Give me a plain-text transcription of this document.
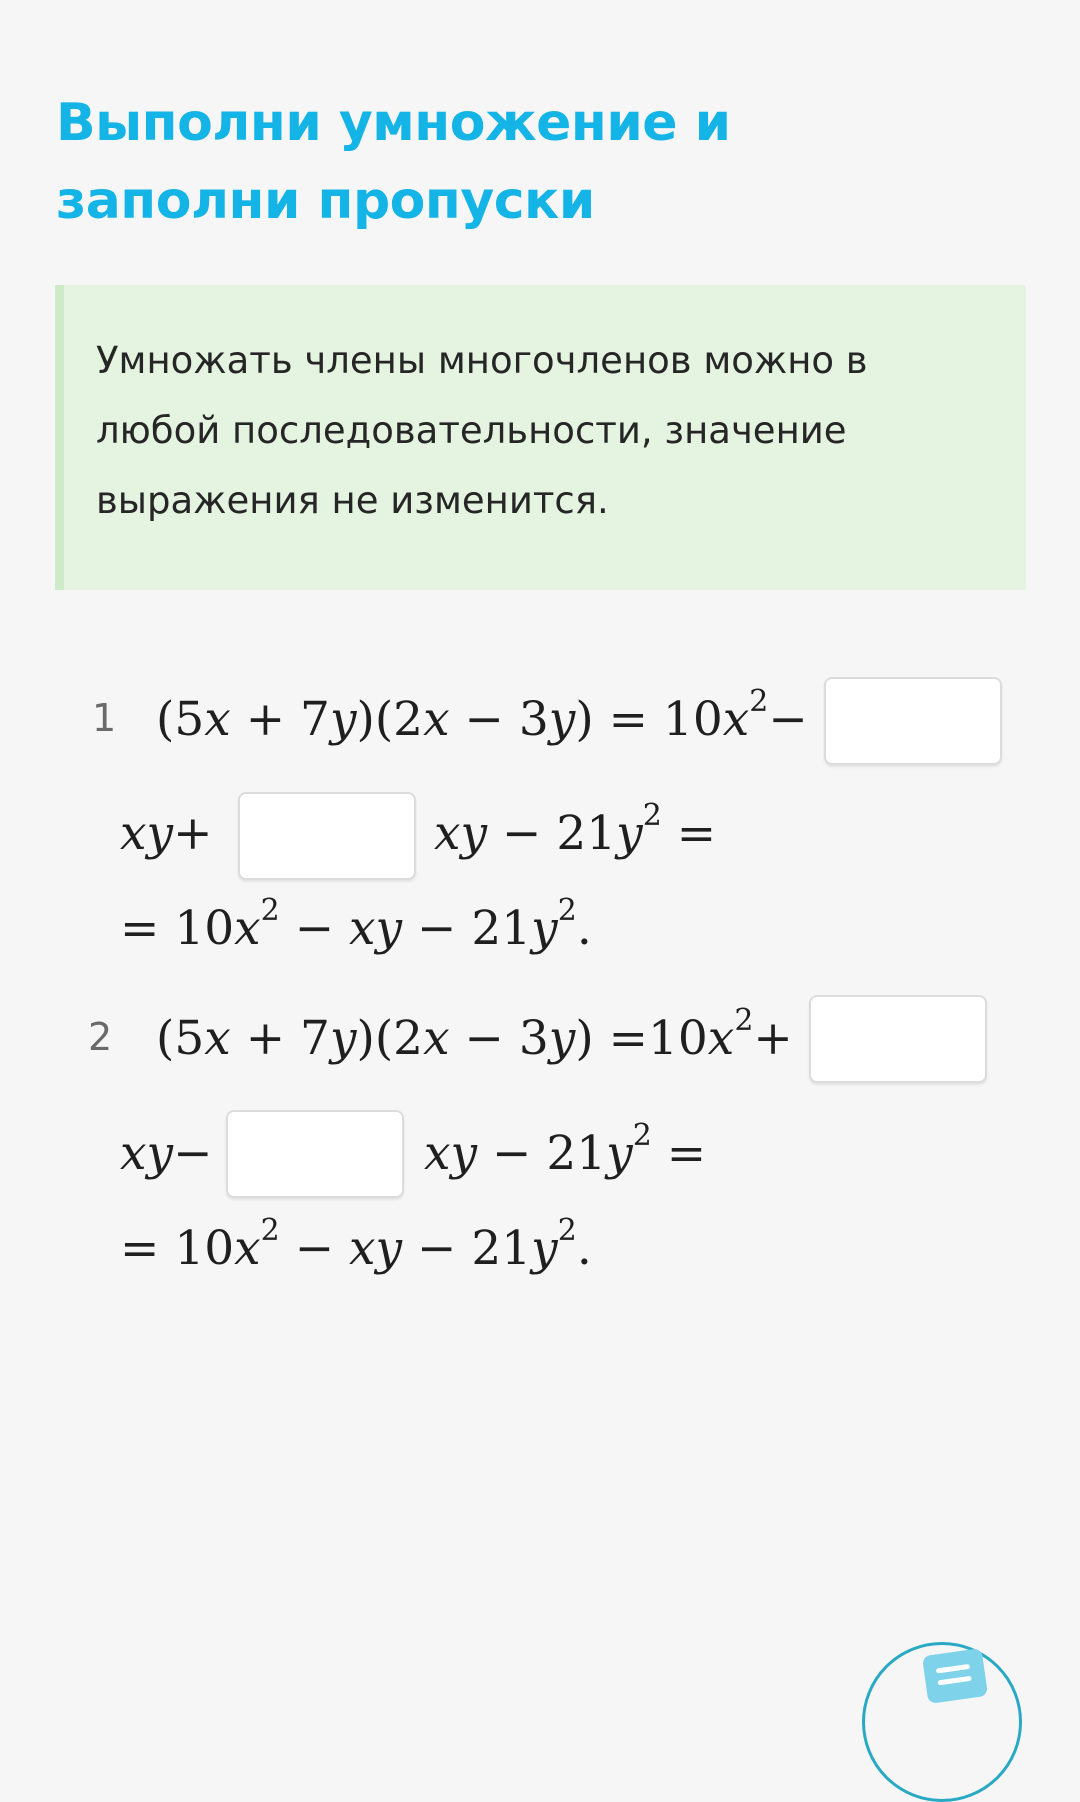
Выполни умножение и заполни пропуски

Умножать члены многочленов можно в любой последовательности, значение выражения не изменится.

1 $(5x + 7y)(2x - 3y) = 10x^2-$
xy+	xy − $21y^2$ =
= $10x^2$ − xy − $21y^2$.
2 $(5x + 7y)(2x - 3y) =10x^2+$
xy−	xy − $21y^2$ =
= $10x^2$ − xy − $21y^2$.
